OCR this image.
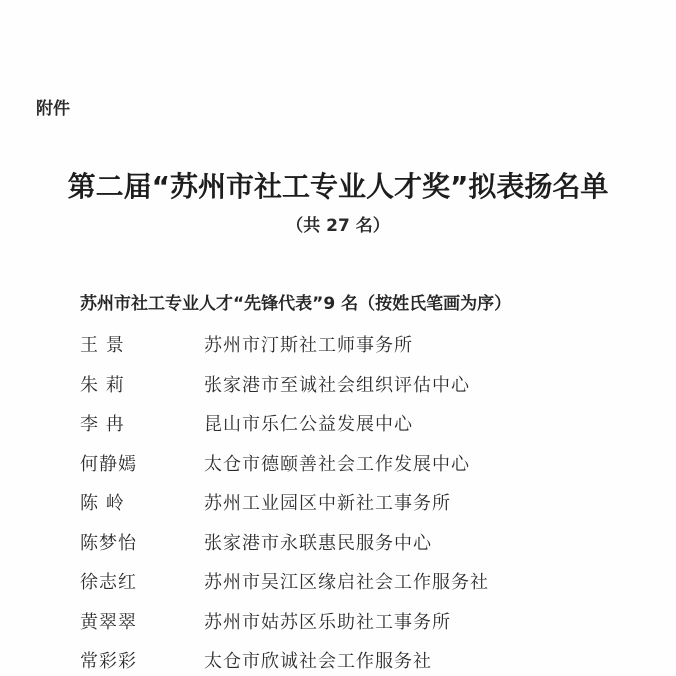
附件
第二届“苏州市社工专业人才奖”拟表扬名单
（共 27 名）
苏州市社工专业人才“先锋代表”9 名（按姓氏笔画为序）
王 景	苏州市汀斯社工师事务所
朱 莉	张家港市至诚社会组织评估中心
李 冉	昆山市乐仁公益发展中心
何静嫣	太仓市德颐善社会工作发展中心
陈 岭	苏州工业园区中新社工事务所
陈梦怡	张家港市永联惠民服务中心
徐志红	苏州市吴江区缘启社会工作服务社
黄翠翠	苏州市姑苏区乐助社工事务所
常彩彩	太仓市欣诚社会工作服务社
